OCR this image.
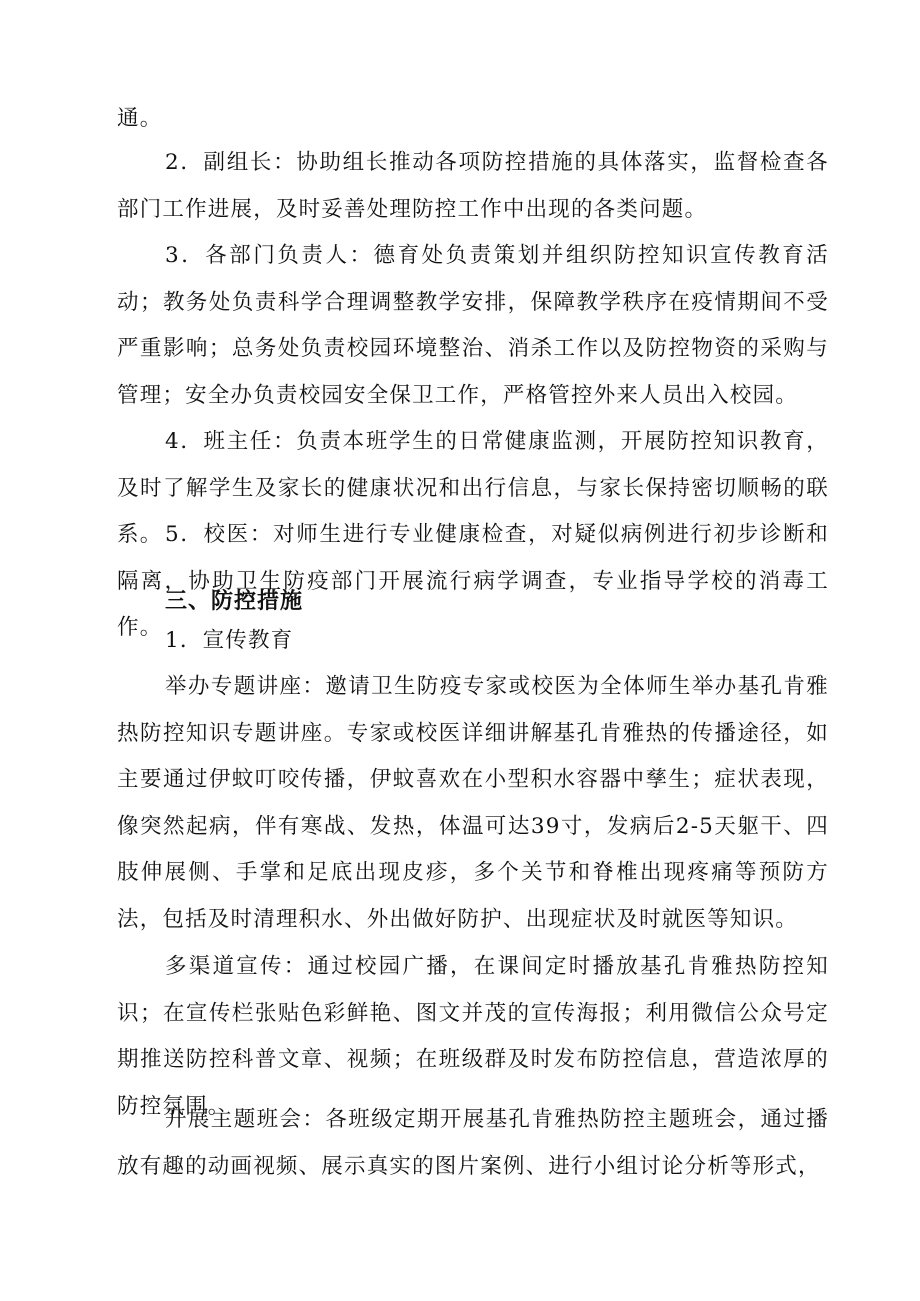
通。

2．副组长：协助组长推动各项防控措施的具体落实，监督检查各部门工作进展，及时妥善处理防控工作中出现的各类问题。

3．各部门负责人：德育处负责策划并组织防控知识宣传教育活动；教务处负责科学合理调整教学安排，保障教学秩序在疫情期间不受严重影响；总务处负责校园环境整治、消杀工作以及防控物资的采购与管理；安全办负责校园安全保卫工作，严格管控外来人员出入校园。

4．班主任：负责本班学生的日常健康监测，开展防控知识教育，及时了解学生及家长的健康状况和出行信息，与家长保持密切顺畅的联系。 5．校医：对师生进行专业健康检查，对疑似病例进行初步诊断和隔离，协助卫生防疫部门开展流行病学调查，专业指导学校的消毒工作。

三、防控措施

1．宣传教育

举办专题讲座：邀请卫生防疫专家或校医为全体师生举办基孔肯雅热防控知识专题讲座。专家或校医详细讲解基孔肯雅热的传播途径，如主要通过伊蚊叮咬传播，伊蚊喜欢在小型积水容器中孳生；症状表现，像突然起病，伴有寒战、发热，体温可达39寸，发病后2-5天躯干、四肢伸展侧、手掌和足底出现皮疹，多个关节和脊椎出现疼痛等预防方法，包括及时清理积水、外出做好防护、出现症状及时就医等知识。

多渠道宣传：通过校园广播，在课间定时播放基孔肯雅热防控知识；在宣传栏张贴色彩鲜艳、图文并茂的宣传海报；利用微信公众号定期推送防控科普文章、视频；在班级群及时发布防控信息，营造浓厚的防控氛围。

开展主题班会：各班级定期开展基孔肯雅热防控主题班会，通过播放有趣的动画视频、展示真实的图片案例、进行小组讨论分析等形式，
